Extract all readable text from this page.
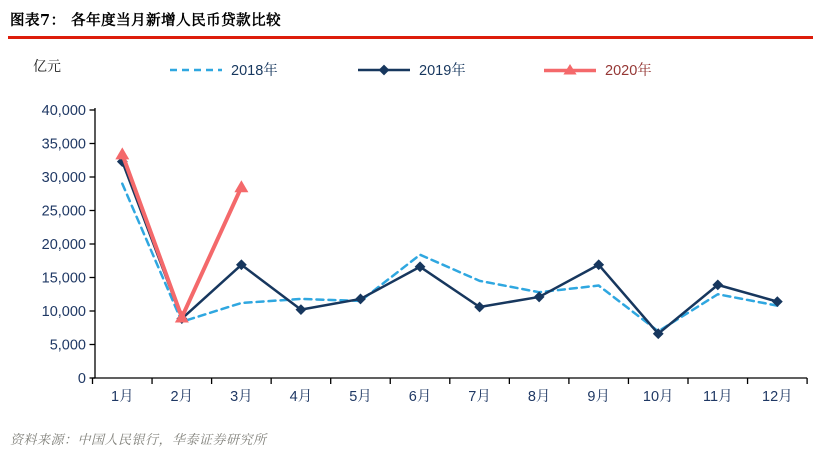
图表7： 各年度当月新增人民币贷款比较
亿元	2018年	2019年	2020年
0
5,000
10,000
15,000
20,000
25,000
30,000
35,000
40,000
1月	2月	3月	4月	5月	6月	7月	8月	9月 10月 11月 12月
资料来源：中国人民银行，华泰证券研究所
